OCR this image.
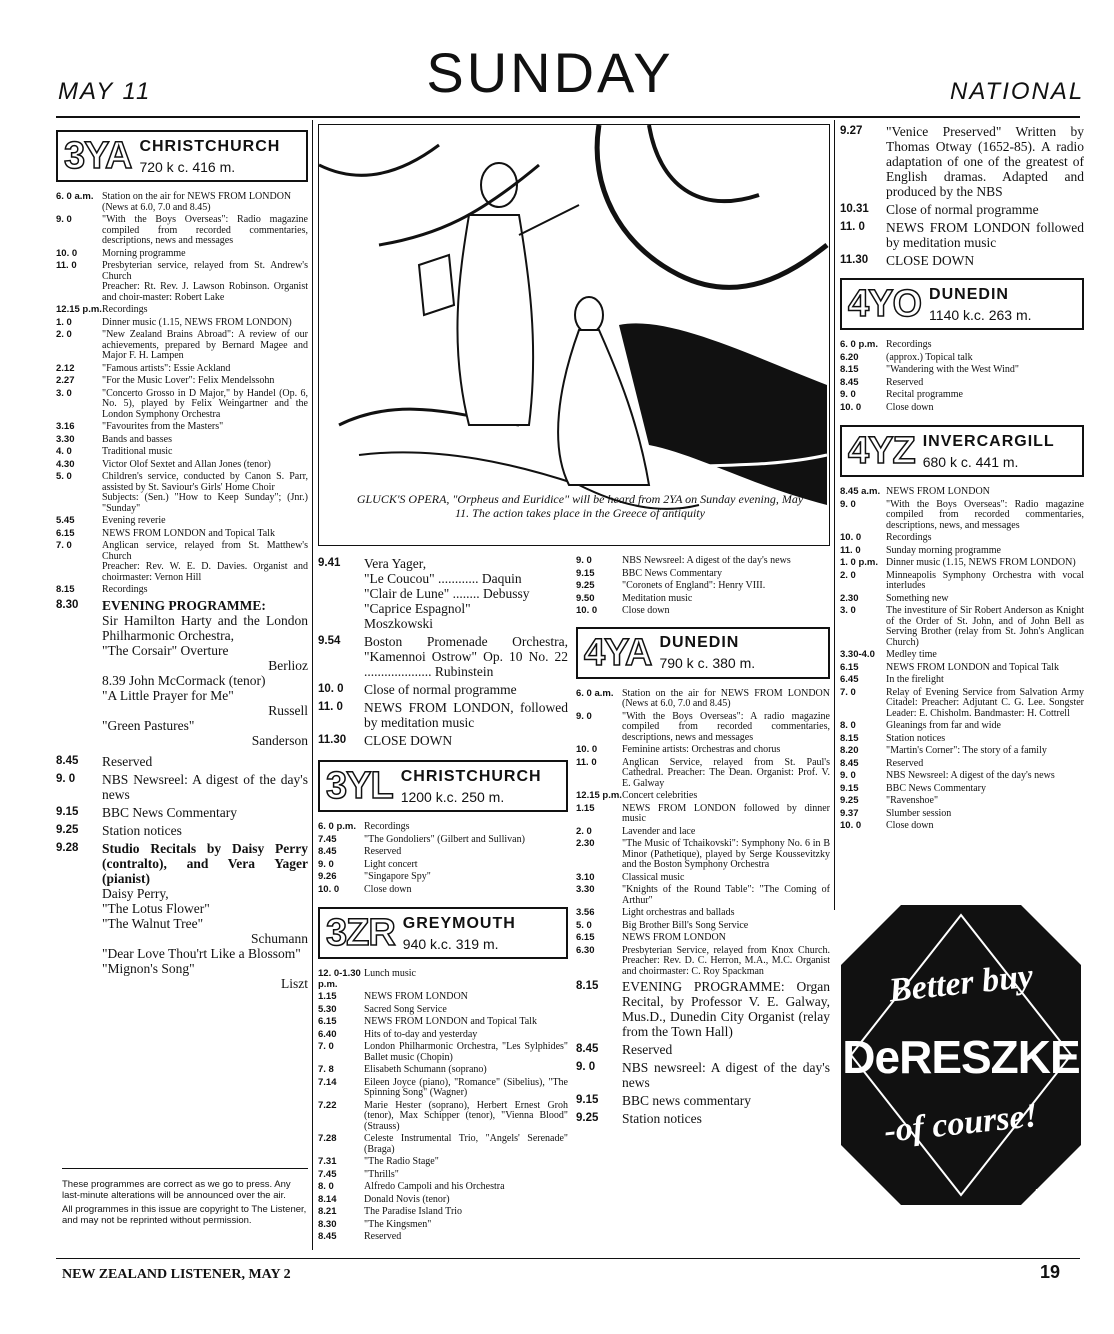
MAY 11	SUNDAY	NATIONAL
3YA CHRISTCHURCH
720 k c. 416 m.
6. 0 a.m. Station on the air for NEWS FROM LONDON
(News at 6.0, 7.0 and 8.45)
9. 0	"With the Boys Overseas": Radio magazine compiled from recorded commentaries, descriptions, news and messages
10. 0	Morning programme
11. 0	Presbyterian service, relayed from St. Andrew's Church
Preacher: Rt. Rev. J. Lawson Robinson. Organist and choir-master: Robert Lake
12.15 p.m. Recordings
1. 0	Dinner music (1.15, NEWS FROM LONDON)
2. 0	"New Zealand Brains Abroad": A review of our achievements, prepared by Bernard Magee and Major F. H. Lampen
2.12	"Famous artists": Essie Ackland
2.27	"For the Music Lover": Felix Mendelssohn
3. 0	"Concerto Grosso in D Major," by Handel (Op. 6, No. 5), played by Felix Weingartner and the London Symphony Orchestra
3.16	"Favourites from the Masters"
3.30	Bands and basses
4. 0	Traditional music
4.30	Victor Olof Sextet and Allan Jones (tenor)
5. 0	Children's service, conducted by Canon S. Parr, assisted by St. Saviour's Girls' Home Choir
Subjects: (Sen.) "How to Keep Sunday"; (Jnr.) "Sunday"
5.45	Evening reverie
6.15	NEWS FROM LONDON and Topical Talk
7. 0	Anglican service, relayed from St. Matthew's Church
Preacher: Rev. W. E. D. Davies. Organist and choirmaster: Vernon Hill
8.15	Recordings
8.30	EVENING PROGRAMME:
Sir Hamilton Harty and the London Philharmonic Orchestra,
"The Corsair" Overture
Berlioz
8.39 John McCormack (tenor)
"A Little Prayer for Me"
Russell
"Green Pastures"
Sanderson
8.45	Reserved
9. 0	NBS Newsreel: A digest of the day's news
9.15	BBC News Commentary
9.25	Station notices
9.28	Studio Recitals by Daisy Perry (contralto), and Vera Yager (pianist)
Daisy Perry,
"The Lotus Flower"
"The Walnut Tree"
Schumann
"Dear Love Thou'rt Like a Blossom"
"Mignon's Song"
Liszt

These programmes are correct as we go to press. Any last-minute alterations will be announced over the air.

All programmes in this issue are copyright to The Listener, and may not be reprinted without permission.

GLUCK'S OPERA, "Orpheus and Euridice" will be heard from 2YA on Sunday evening, May 11. The action takes place in the Greece of antiquity
9.41	Vera Yager,
"Le Coucou" ............ Daquin
"Clair de Lune" ........ Debussy
"Caprice Espagnol"
Moszkowski
9.54	Boston Promenade Orchestra, "Kamennoi Ostrow" Op. 10 No. 22 .................... Rubinstein
10. 0	Close of normal programme
11. 0	NEWS FROM LONDON, followed by meditation music
11.30	CLOSE DOWN
3YL CHRISTCHURCH
1200 k.c. 250 m.
6. 0 p.m. Recordings
7.45	"The Gondoliers" (Gilbert and Sullivan)
8.45	Reserved
9. 0	Light concert
9.26	"Singapore Spy"
10. 0	Close down
3ZR GREYMOUTH
940 k.c. 319 m.
12. 0-1.30 p.m.
Lunch music
1.15	NEWS FROM LONDON
5.30	Sacred Song Service
6.15	NEWS FROM LONDON and Topical Talk
6.40	Hits of to-day and yesterday
7. 0	London Philharmonic Orchestra, "Les Sylphides" Ballet music (Chopin)
7. 8	Elisabeth Schumann (soprano)
7.14	Eileen Joyce (piano), "Romance" (Sibelius), "The Spinning Song" (Wagner)
7.22	Marie Hester (soprano), Herbert Ernest Groh (tenor), Max Schipper (tenor), "Vienna Blood" (Strauss)
7.28	Celeste Instrumental Trio, "Angels' Serenade" (Braga)
7.31	"The Radio Stage"
7.45	"Thrills"
8. 0	Alfredo Campoli and his Orchestra
8.14	Donald Novis (tenor)
8.21	The Paradise Island Trio
8.30	"The Kingsmen"
8.45	Reserved
9. 0	NBS Newsreel: A digest of the day's news
9.15	BBC News Commentary
9.25	"Coronets of England": Henry VIII.
9.50	Meditation music
10. 0	Close down
4YA DUNEDIN
790 k c. 380 m.
6. 0 a.m. Station on the air for NEWS FROM LONDON (News at 6.0, 7.0 and 8.45)
9. 0	"With the Boys Overseas": A radio magazine compiled from recorded commentaries, descriptions, news and messages
10. 0	Feminine artists: Orchestras and chorus
11. 0	Anglican Service, relayed from St. Paul's Cathedral. Preacher: The Dean. Organist: Prof. V. E. Galway
12.15 p.m. Concert celebrities
1.15	NEWS FROM LONDON followed by dinner music
2. 0	Lavender and lace
2.30	"The Music of Tchaikovski": Symphony No. 6 in B Minor (Pathetique), played by Serge Koussevitzky and the Boston Symphony Orchestra
3.10	Classical music
3.30	"Knights of the Round Table": "The Coming of Arthur"
3.56	Light orchestras and ballads
5. 0	Big Brother Bill's Song Service
6.15	NEWS FROM LONDON
6.30	Presbyterian Service, relayed from Knox Church. Preacher: Rev. D. C. Herron, M.A., M.C. Organist and choirmaster: C. Roy Spackman
8.15	EVENING PROGRAMME: Organ Recital, by Professor V. E. Galway, Mus.D., Dunedin City Organist (relay from the Town Hall)
8.45	Reserved
9. 0	NBS newsreel: A digest of the day's news
9.15	BBC news commentary
9.25	Station notices
9.27	"Venice Preserved" Written by Thomas Otway (1652-85). A radio adaptation of one of the greatest of English dramas. Adapted and produced by the NBS
10.31	Close of normal programme
11. 0	NEWS FROM LONDON followed by meditation music
11.30	CLOSE DOWN
4YO DUNEDIN
1140 k.c. 263 m.
6. 0 p.m. Recordings
6.20	(approx.) Topical talk
8.15	"Wandering with the West Wind"
8.45	Reserved
9. 0	Recital programme
10. 0	Close down
4YZ INVERCARGILL
680 k c. 441 m.
8.45 a.m. NEWS FROM LONDON
9. 0	"With the Boys Overseas": Radio magazine compiled from recorded commentaries, descriptions, news, and messages
10. 0	Recordings
11. 0	Sunday morning programme
1. 0 p.m. Dinner music (1.15, NEWS FROM LONDON)
2. 0	Minneapolis Symphony Orchestra with vocal interludes
2.30	Something new
3. 0	The investiture of Sir Robert Anderson as Knight of the Order of St. John, and of John Bell as Serving Brother (relay from St. John's Anglican Church)
3.30-4.0	Medley time
6.15	NEWS FROM LONDON and Topical Talk
6.45	In the firelight
7. 0	Relay of Evening Service from Salvation Army Citadel: Preacher: Adjutant C. G. Lee. Songster Leader: E. Chisholm. Bandmaster: H. Cottrell
8. 0	Gleanings from far and wide
8.15	Station notices
8.20	"Martin's Corner": The story of a family
8.45	Reserved
9. 0	NBS Newsreel: A digest of the day's news
9.15	BBC News Commentary
9.25	"Ravenshoe"
9.37	Slumber session
10. 0	Close down
Better buy
DeRESZKE
-of course!
DR.129.3
NEW ZEALAND LISTENER, MAY 2	19
